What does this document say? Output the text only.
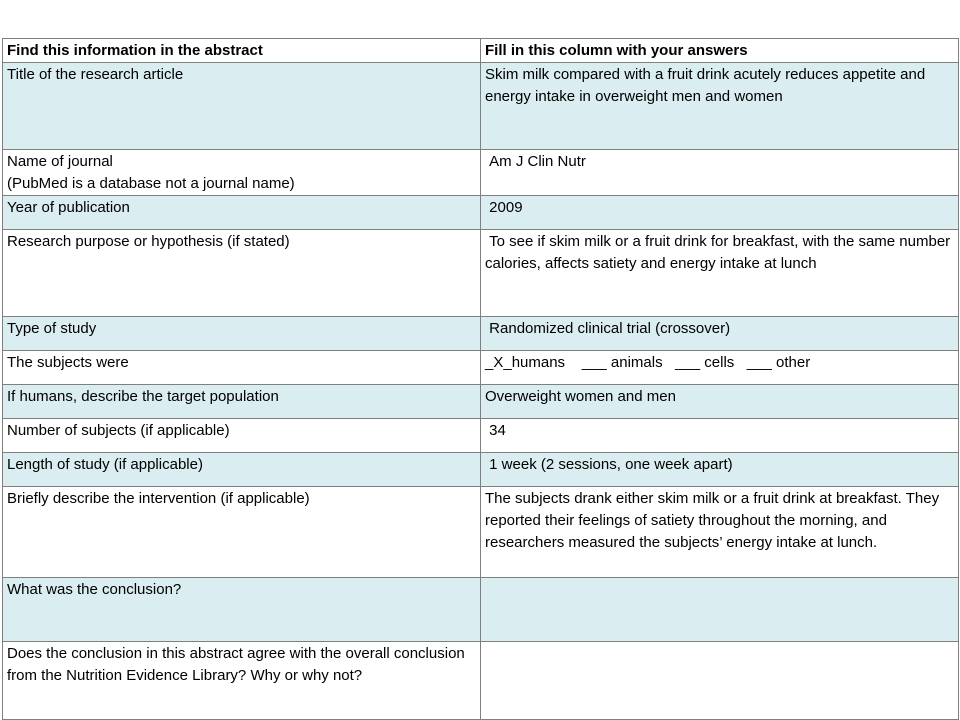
Find this information in the abstract	Fill in this column with your answers
Title of the research article	Skim milk compared with a fruit drink acutely reduces appetite and energy intake in overweight men and women
Name of journal
(PubMed is a database not a journal name)	Am J Clin Nutr
Year of publication	2009
Research purpose or hypothesis (if stated)	To see if skim milk or a fruit drink for breakfast, with the same number calories, affects satiety and energy intake at lunch
Type of study	Randomized clinical trial (crossover)
The subjects were	_X_humans    ___ animals   ___ cells   ___ other
If humans, describe the target population	Overweight women and men
Number of subjects (if applicable)	34
Length of study (if applicable)	1 week (2 sessions, one week apart)
Briefly describe the intervention (if applicable)	The subjects drank either skim milk or a fruit drink at breakfast. They reported their feelings of satiety throughout the morning, and researchers measured the subjects’ energy intake at lunch.
What was the conclusion?	
Does the conclusion in this abstract agree with the overall conclusion from the Nutrition Evidence Library? Why or why not?	
